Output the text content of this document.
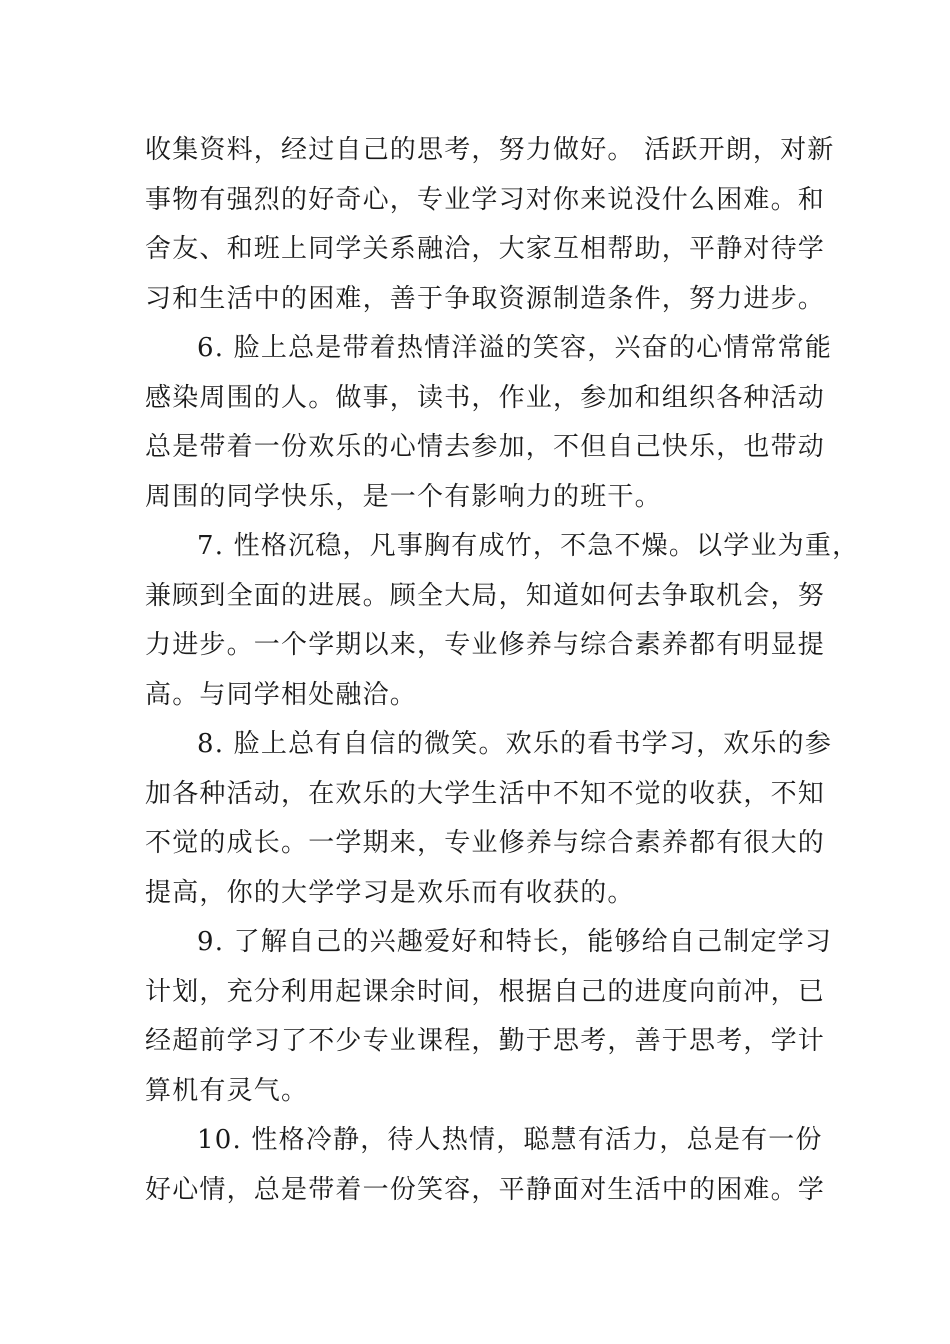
收集资料，经过自己的思考，努力做好。 活跃开朗，对新
事物有强烈的好奇心，专业学习对你来说没什么困难。和
舍友、和班上同学关系融洽，大家互相帮助，平静对待学
习和生活中的困难，善于争取资源制造条件，努力进步。
6. 脸上总是带着热情洋溢的笑容，兴奋的心情常常能
感染周围的人。做事，读书，作业，参加和组织各种活动
总是带着一份欢乐的心情去参加，不但自己快乐，也带动
周围的同学快乐，是一个有影响力的班干。
7. 性格沉稳，凡事胸有成竹，不急不燥。以学业为重，
兼顾到全面的进展。顾全大局，知道如何去争取机会，努
力进步。一个学期以来，专业修养与综合素养都有明显提
高。与同学相处融洽。
8. 脸上总有自信的微笑。欢乐的看书学习，欢乐的参
加各种活动，在欢乐的大学生活中不知不觉的收获，不知
不觉的成长。一学期来，专业修养与综合素养都有很大的
提高，你的大学学习是欢乐而有收获的。
9. 了解自己的兴趣爱好和特长，能够给自己制定学习
计划，充分利用起课余时间，根据自己的进度向前冲，已
经超前学习了不少专业课程，勤于思考，善于思考，学计
算机有灵气。
10. 性格冷静，待人热情，聪慧有活力，总是有一份
好心情，总是带着一份笑容，平静面对生活中的困难。学
